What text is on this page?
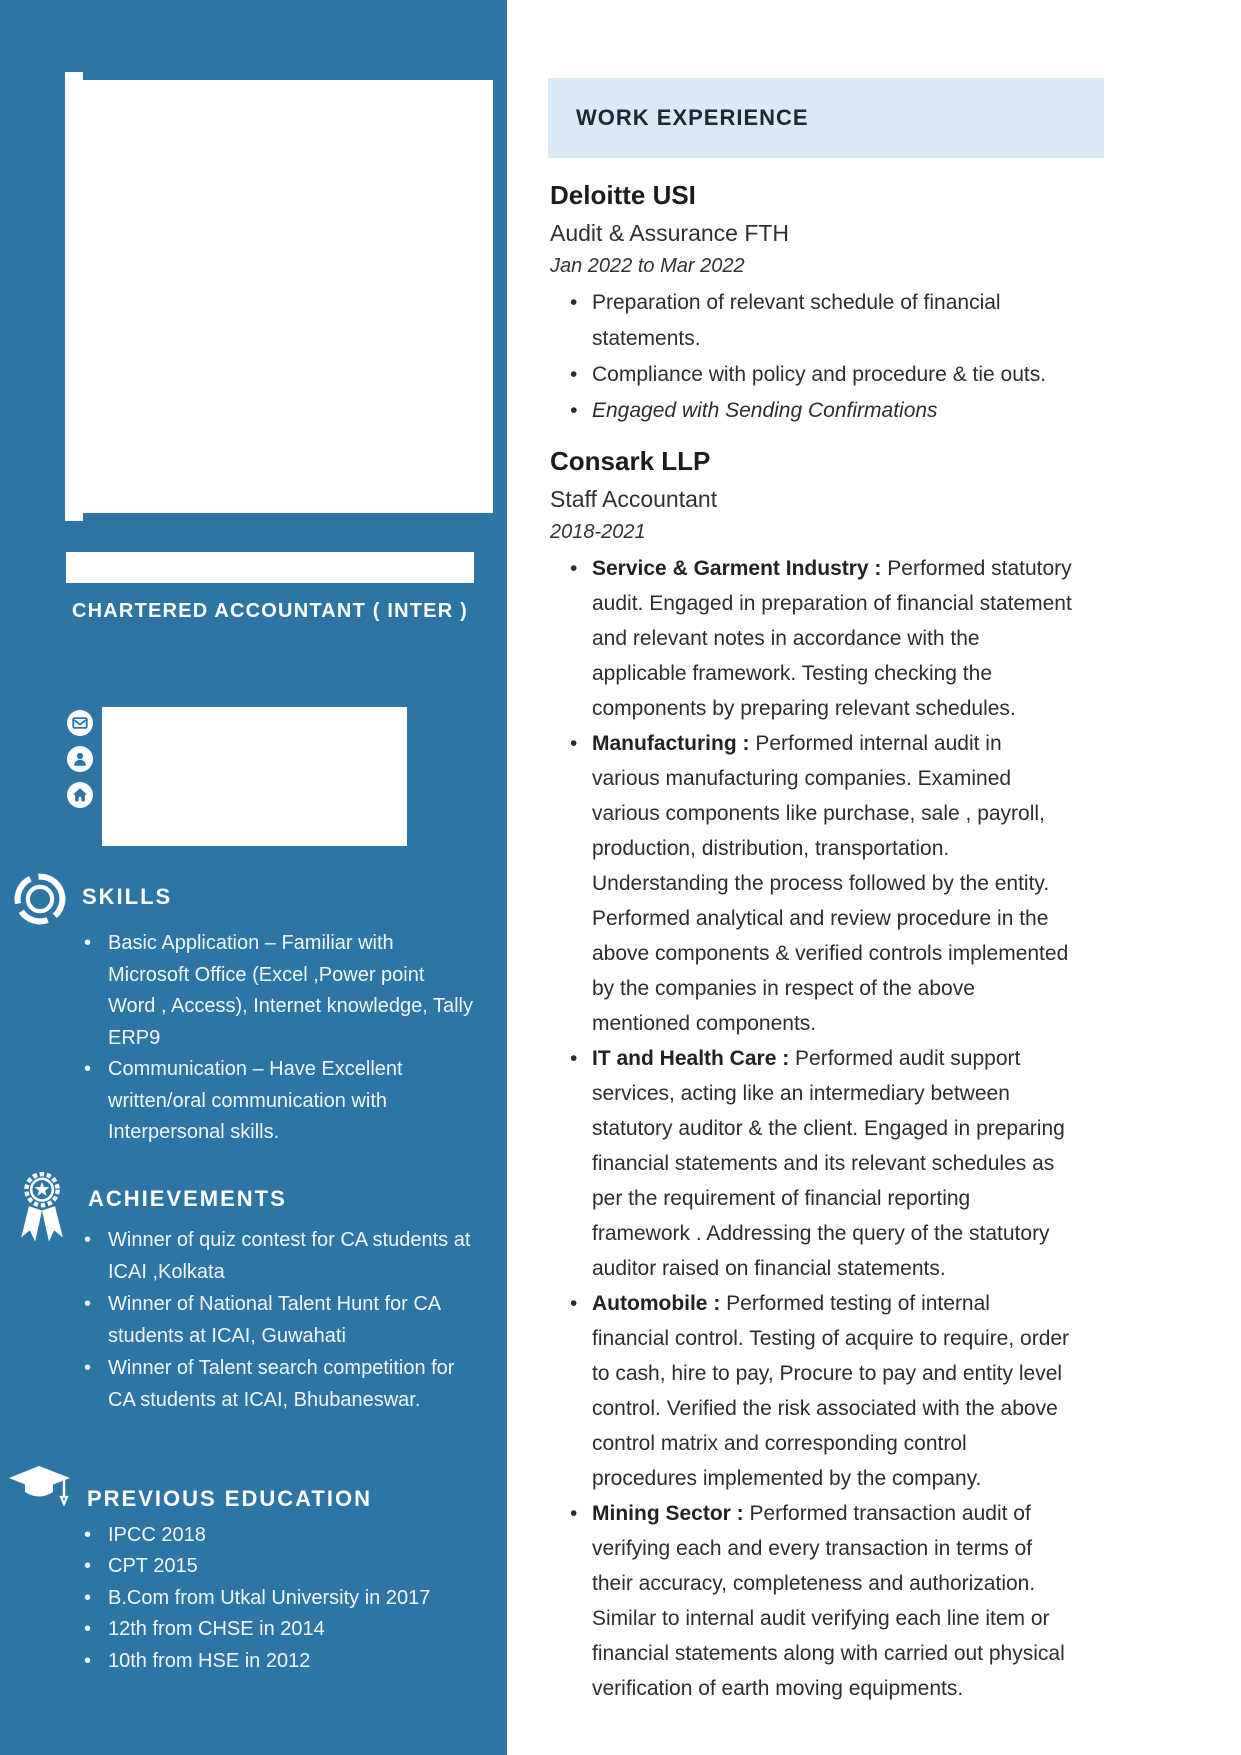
CHARTERED ACCOUNTANT ( INTER )
SKILLS
• Basic Application – Familiar with Microsoft Office (Excel ,Power point Word , Access), Internet knowledge, Tally ERP9
• Communication – Have Excellent written/oral communication with Interpersonal skills.
ACHIEVEMENTS
• Winner of quiz contest for CA students at ICAI ,Kolkata
• Winner of National Talent Hunt for CA students at ICAI, Guwahati
• Winner of Talent search competition for CA students at ICAI, Bhubaneswar.
PREVIOUS EDUCATION
• IPCC 2018
• CPT 2015
• B.Com from Utkal University in 2017
• 12th from CHSE in 2014
• 10th from HSE in 2012
WORK EXPERIENCE
Deloitte USI
Audit & Assurance FTH
Jan 2022 to Mar 2022
• Preparation of relevant schedule of financial statements.
• Compliance with policy and procedure & tie outs.
• Engaged with Sending Confirmations
Consark LLP
Staff Accountant
2018-2021
• Service & Garment Industry : Performed statutory audit. Engaged in preparation of financial statement and relevant notes in accordance with the applicable framework. Testing checking the components by preparing relevant schedules.
• Manufacturing : Performed internal audit in various manufacturing companies. Examined various components like purchase, sale , payroll, production, distribution, transportation. Understanding the process followed by the entity. Performed analytical and review procedure in the above components & verified controls implemented by the companies in respect of the above mentioned components.
• IT and Health Care : Performed audit support services, acting like an intermediary between statutory auditor & the client. Engaged in preparing financial statements and its relevant schedules as per the requirement of financial reporting framework . Addressing the query of the statutory auditor raised on financial statements.
• Automobile : Performed testing of internal financial control. Testing of acquire to require, order to cash, hire to pay, Procure to pay and entity level control. Verified the risk associated with the above control matrix and corresponding control procedures implemented by the company.
• Mining Sector : Performed transaction audit of verifying each and every transaction in terms of their accuracy, completeness and authorization. Similar to internal audit verifying each line item or financial statements along with carried out physical verification of earth moving equipments.
